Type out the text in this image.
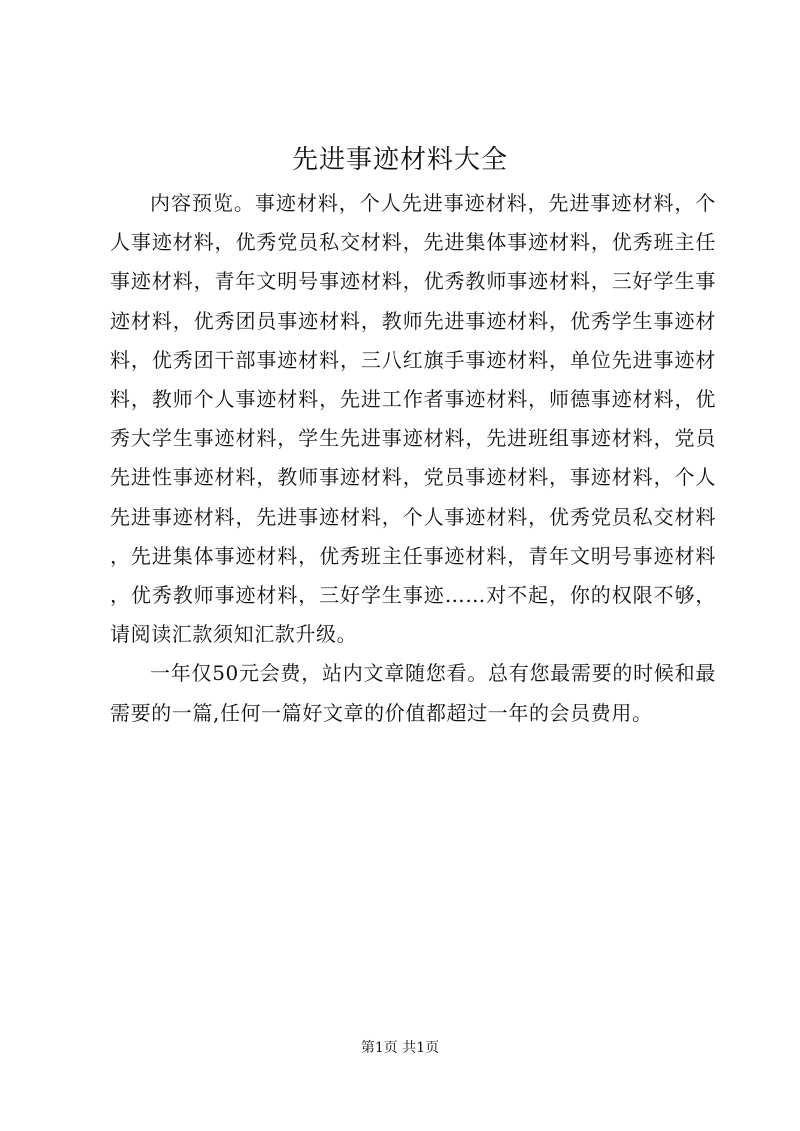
先进事迹材料大全

内容预览。事迹材料，个人先进事迹材料，先进事迹材料，个人事迹材料，优秀党员私交材料，先进集体事迹材料，优秀班主任事迹材料，青年文明号事迹材料，优秀教师事迹材料，三好学生事迹材料，优秀团员事迹材料，教师先进事迹材料，优秀学生事迹材料，优秀团干部事迹材料，三八红旗手事迹材料，单位先进事迹材料，教师个人事迹材料，先进工作者事迹材料，师德事迹材料，优秀大学生事迹材料，学生先进事迹材料，先进班组事迹材料，党员先进性事迹材料，教师事迹材料，党员事迹材料，事迹材料，个人先进事迹材料，先进事迹材料，个人事迹材料，优秀党员私交材料，先进集体事迹材料，优秀班主任事迹材料，青年文明号事迹材料，优秀教师事迹材料，三好学生事迹……对不起，你的权限不够，请阅读汇款须知汇款升级。

一年仅50元会费，站内文章随您看。总有您最需要的时候和最需要的一篇,任何一篇好文章的价值都超过一年的会员费用。

第1页 共1页
